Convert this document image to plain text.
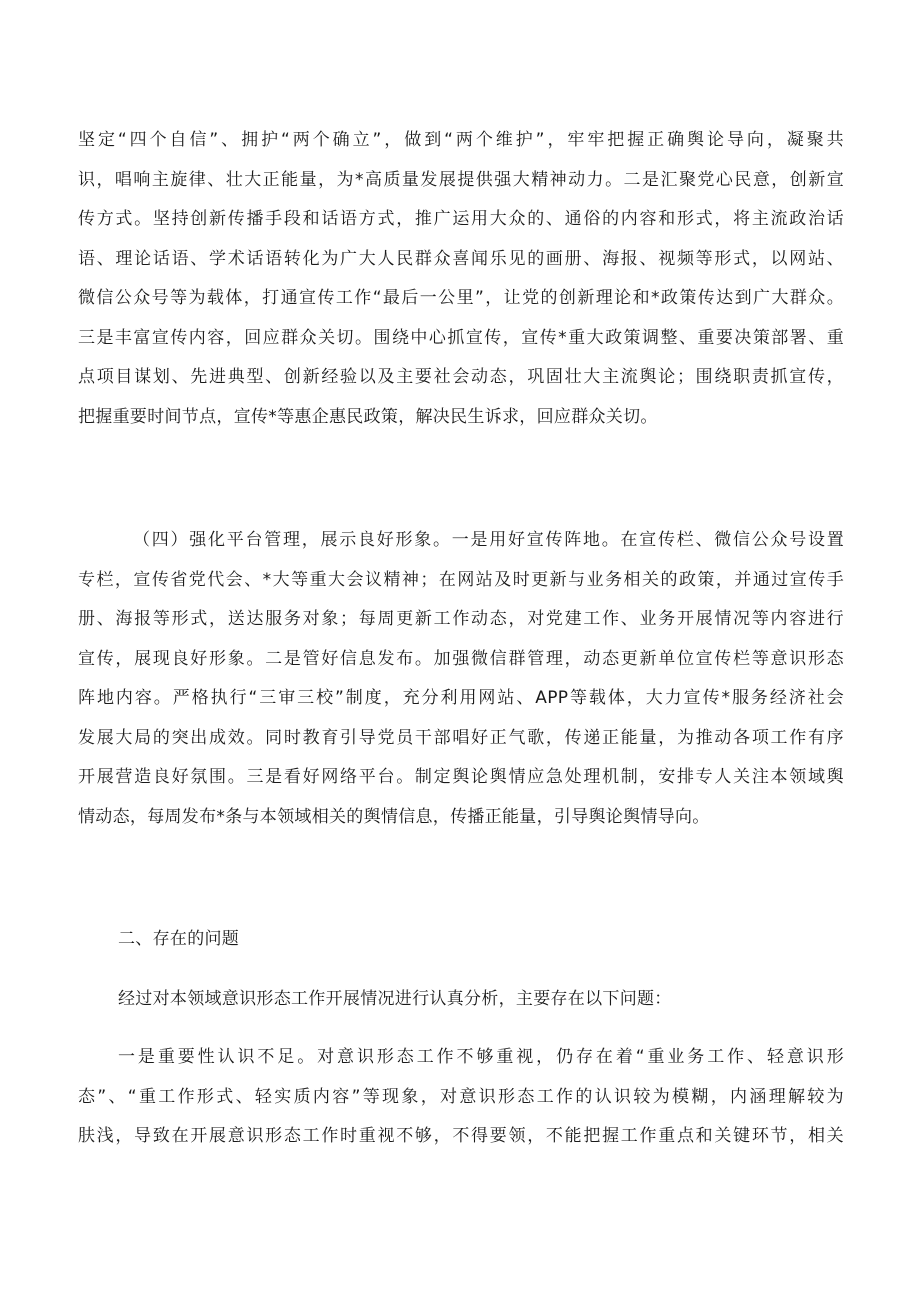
坚定“四个自信”、拥护“两个确立”，做到“两个维护”，牢牢把握正确舆论导向，凝聚共
识，唱响主旋律、壮大正能量，为*高质量发展提供强大精神动力。二是汇聚党心民意，创新宣
传方式。坚持创新传播手段和话语方式，推广运用大众的、通俗的内容和形式，将主流政治话
语、理论话语、学术话语转化为广大人民群众喜闻乐见的画册、海报、视频等形式，以网站、
微信公众号等为载体，打通宣传工作“最后一公里”，让党的创新理论和*政策传达到广大群众。
三是丰富宣传内容，回应群众关切。围绕中心抓宣传，宣传*重大政策调整、重要决策部署、重
点项目谋划、先进典型、创新经验以及主要社会动态，巩固壮大主流舆论；围绕职责抓宣传，
把握重要时间节点，宣传*等惠企惠民政策，解决民生诉求，回应群众关切。
（四）强化平台管理，展示良好形象。一是用好宣传阵地。在宣传栏、微信公众号设置
专栏，宣传省党代会、*大等重大会议精神；在网站及时更新与业务相关的政策，并通过宣传手
册、海报等形式，送达服务对象；每周更新工作动态，对党建工作、业务开展情况等内容进行
宣传，展现良好形象。二是管好信息发布。加强微信群管理，动态更新单位宣传栏等意识形态
阵地内容。严格执行“三审三校”制度，充分利用网站、APP等载体，大力宣传*服务经济社会
发展大局的突出成效。同时教育引导党员干部唱好正气歌，传递正能量，为推动各项工作有序
开展营造良好氛围。三是看好网络平台。制定舆论舆情应急处理机制，安排专人关注本领域舆
情动态，每周发布*条与本领域相关的舆情信息，传播正能量，引导舆论舆情导向。
二、存在的问题
经过对本领域意识形态工作开展情况进行认真分析，主要存在以下问题：
一是重要性认识不足。对意识形态工作不够重视，仍存在着“重业务工作、轻意识形
态”、“重工作形式、轻实质内容”等现象，对意识形态工作的认识较为模糊，内涵理解较为
肤浅，导致在开展意识形态工作时重视不够，不得要领，不能把握工作重点和关键环节，相关
